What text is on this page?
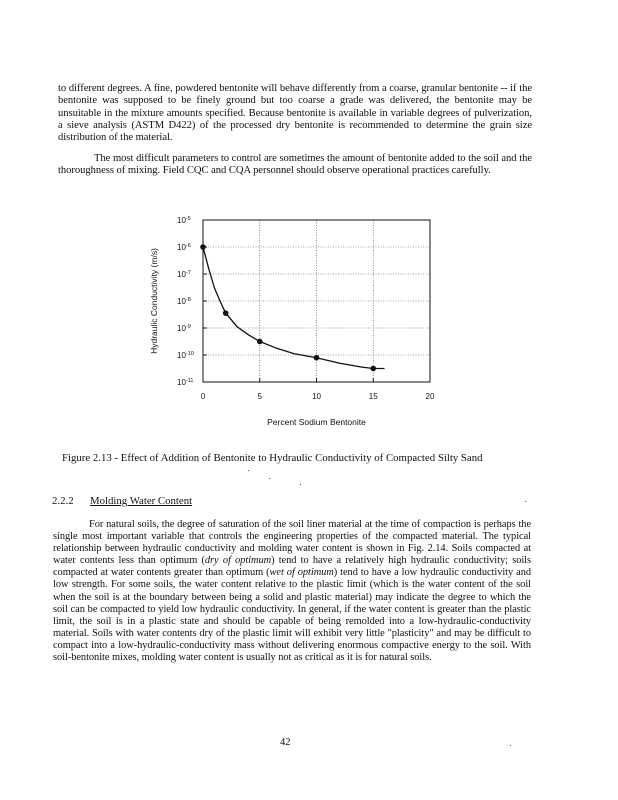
to different degrees. A fine, powdered bentonite will behave differently from a coarse, granular bentonite -- if the bentonite was supposed to be finely ground but too coarse a grade was delivered, the bentonite may be unsuitable in the mixture amounts specified. Because bentonite is available in variable degrees of pulverization, a sieve analysis (ASTM D422) of the processed dry bentonite is recommended to determine the grain size distribution of the material.

The most difficult parameters to control are sometimes the amount of bentonite added to the soil and the thoroughness of mixing. Field CQC and CQA personnel should observe operational practices carefully.

0	5	10	15	20
$10^{-5}$
$10^{-6}$
$10^{-7}$
$10^{-8}$
$10^{-9}$
$10^{-10}$
$10^{-11}$
Percent Sodium Bentonite
Hydraulic Conductivity (m/s)

Figure 2.13 - Effect of Addition of Bentonite to Hydraulic Conductivity of Compacted Silty Sand

2.2.2 Molding Water Content

For natural soils, the degree of saturation of the soil liner material at the time of compaction is perhaps the single most important variable that controls the engineering properties of the compacted material. The typical relationship between hydraulic conductivity and molding water content is shown in Fig. 2.14. Soils compacted at water contents less than optimum (dry of optimum) tend to have a relatively high hydraulic conductivity; soils compacted at water contents greater than optimum (wet of optimum) tend to have a low hydraulic conductivity and low strength. For some soils, the water content relative to the plastic limit (which is the water content of the soil when the soil is at the boundary between being a solid and plastic material) may indicate the degree to which the soil can be compacted to yield low hydraulic conductivity. In general, if the water content is greater than the plastic limit, the soil is in a plastic state and should be capable of being remolded into a low-hydraulic-conductivity material. Soils with water contents dry of the plastic limit will exhibit very little "plasticity" and may be difficult to compact into a low-hydraulic-conductivity mass without delivering enormous compactive energy to the soil. With soil-bentonite mixes, molding water content is usually not as critical as it is for natural soils.

42
